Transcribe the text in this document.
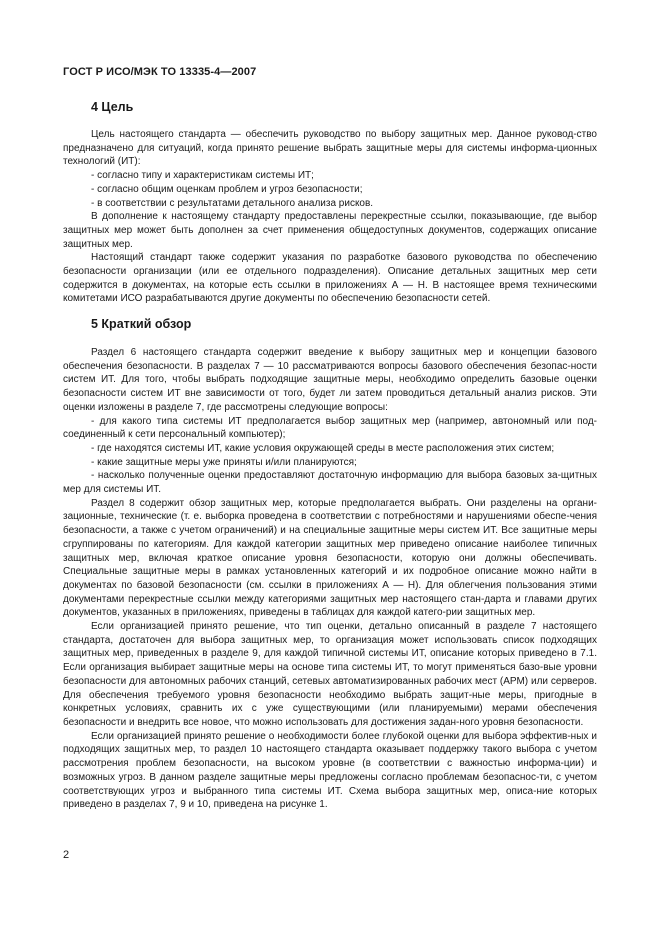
ГОСТ Р ИСО/МЭК ТО 13335-4—2007
4 Цель

Цель настоящего стандарта — обеспечить руководство по выбору защитных мер. Данное руковод-ство предназначено для ситуаций, когда принято решение выбрать защитные меры для системы информа-ционных технологий (ИТ):

- согласно типу и характеристикам системы ИТ;

- согласно общим оценкам проблем и угроз безопасности;

- в соответствии с результатами детального анализа рисков.

В дополнение к настоящему стандарту предоставлены перекрестные ссылки, показывающие, где выбор защитных мер может быть дополнен за счет применения общедоступных документов, содержащих описание защитных мер.

Настоящий стандарт также содержит указания по разработке базового руководства по обеспечению безопасности организации (или ее отдельного подразделения). Описание детальных защитных мер сети содержится в документах, на которые есть ссылки в приложениях А — Н. В настоящее время техническими комитетами ИСО разрабатываются другие документы по обеспечению безопасности сетей.

5 Краткий обзор

Раздел 6 настоящего стандарта содержит введение к выбору защитных мер и концепции базового обеспечения безопасности. В разделах 7 — 10 рассматриваются вопросы базового обеспечения безопас-ности систем ИТ. Для того, чтобы выбрать подходящие защитные меры, необходимо определить базовые оценки безопасности систем ИТ вне зависимости от того, будет ли затем проводиться детальный анализ рисков. Эти оценки изложены в разделе 7, где рассмотрены следующие вопросы:

- для какого типа системы ИТ предполагается выбор защитных мер (например, автономный или под-соединенный к сети персональный компьютер);

- где находятся системы ИТ, какие условия окружающей среды в месте расположения этих систем;

- какие защитные меры уже приняты и/или планируются;

- насколько полученные оценки предоставляют достаточную информацию для выбора базовых за-щитных мер для системы ИТ.

Раздел 8 содержит обзор защитных мер, которые предполагается выбрать. Они разделены на органи-зационные, технические (т. е. выборка проведена в соответствии с потребностями и нарушениями обеспе-чения безопасности, а также с учетом ограничений) и на специальные защитные меры систем ИТ. Все защитные меры сгруппированы по категориям. Для каждой категории защитных мер приведено описание наиболее типичных защитных мер, включая краткое описание уровня безопасности, которую они должны обеспечивать. Специальные защитные меры в рамках установленных категорий и их подробное описание можно найти в документах по базовой безопасности (см. ссылки в приложениях А — Н). Для облегчения пользования этими документами перекрестные ссылки между категориями защитных мер настоящего стан-дарта и главами других документов, указанных в приложениях, приведены в таблицах для каждой катего-рии защитных мер.

Если организацией принято решение, что тип оценки, детально описанный в разделе 7 настоящего стандарта, достаточен для выбора защитных мер, то организация может использовать список подходящих защитных мер, приведенных в разделе 9, для каждой типичной системы ИТ, описание которых приведено в 7.1. Если организация выбирает защитные меры на основе типа системы ИТ, то могут применяться базо-вые уровни безопасности для автономных рабочих станций, сетевых автоматизированных рабочих мест (АРМ) или серверов. Для обеспечения требуемого уровня безопасности необходимо выбрать защит-ные меры, пригодные в конкретных условиях, сравнить их с уже существующими (или планируемыми) мерами обеспечения безопасности и внедрить все новое, что можно использовать для достижения задан-ного уровня безопасности.

Если организацией принято решение о необходимости более глубокой оценки для выбора эффектив-ных и подходящих защитных мер, то раздел 10 настоящего стандарта оказывает поддержку такого выбора с учетом рассмотрения проблем безопасности, на высоком уровне (в соответствии с важностью информа-ции) и возможных угроз. В данном разделе защитные меры предложены согласно проблемам безопаснос-ти, с учетом соответствующих угроз и выбранного типа системы ИТ. Схема выбора защитных мер, описа-ние которых приведено в разделах 7, 9 и 10, приведена на рисунке 1.

2
